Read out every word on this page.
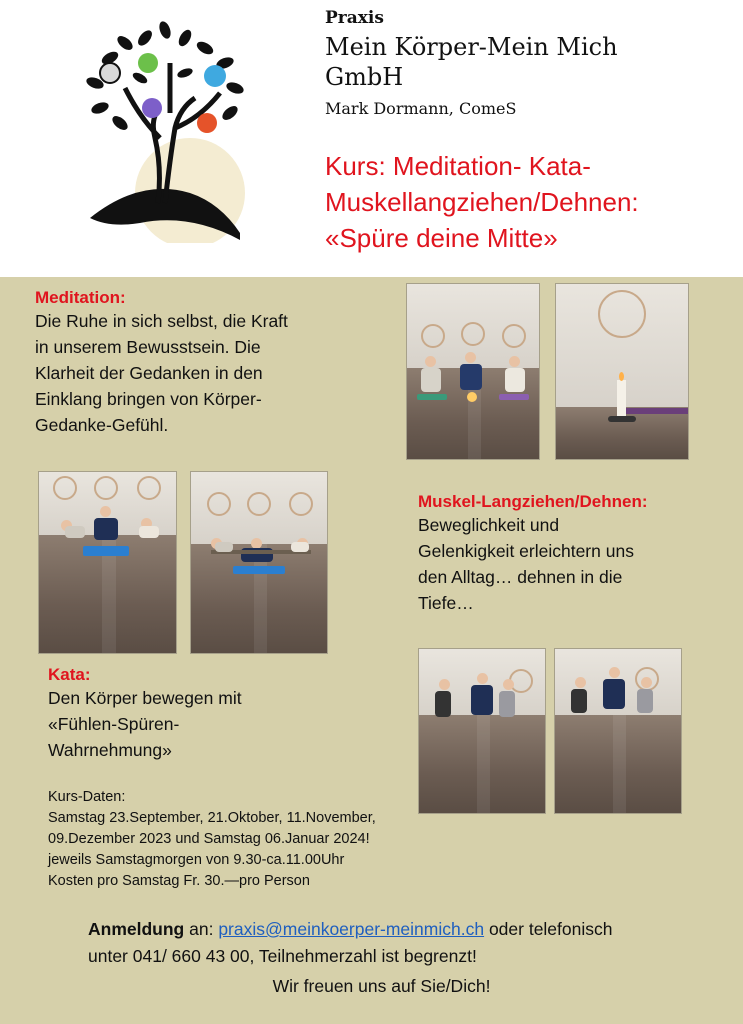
Praxis
Mein Körper-Mein Mich
GmbH
Mark Dormann, ComeS
Kurs: Meditation- Kata-
Muskellangziehen/Dehnen:
«Spüre deine Mitte»
Meditation:
Die Ruhe in sich selbst, die Kraft
in unserem Bewusstsein. Die
Klarheit der Gedanken in den
Einklang bringen von Körper-
Gedanke-Gefühl.
Muskel-Langziehen/Dehnen:
Beweglichkeit und
Gelenkigkeit erleichtern uns
den Alltag… dehnen in die
Tiefe…
Kata:
Den Körper bewegen mit
«Fühlen-Spüren-
Wahrnehmung»
Kurs-Daten:
Samstag 23.September, 21.Oktober, 11.November,
09.Dezember 2023 und Samstag 06.Januar 2024!
jeweils Samstagmorgen von 9.30-ca.11.00Uhr
Kosten pro Samstag Fr. 30.—pro Person
Anmeldung an: praxis@meinkoerper-meinmich.ch oder telefonisch
unter 041/ 660 43 00, Teilnehmerzahl ist begrenzt!
Wir freuen uns auf Sie/Dich!
